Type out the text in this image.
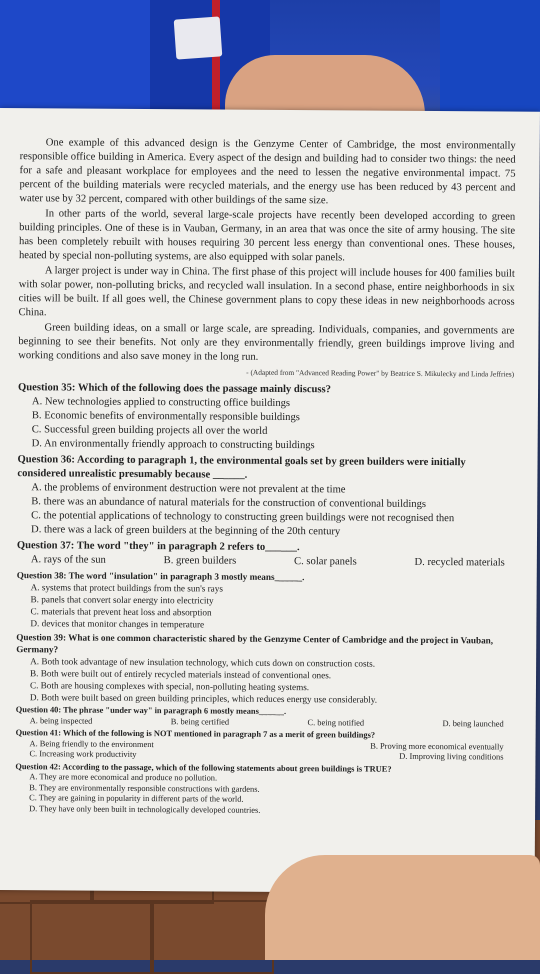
One example of this advanced design is the Genzyme Center of Cambridge, the most environmentally responsible office building in America. Every aspect of the design and building had to consider two things: the need for a safe and pleasant workplace for employees and the need to lessen the negative environmental impact. 75 percent of the building materials were recycled materials, and the energy use has been reduced by 43 percent and water use by 32 percent, compared with other buildings of the same size.

In other parts of the world, several large-scale projects have recently been developed according to green building principles. One of these is in Vauban, Germany, in an area that was once the site of army housing. The site has been completely rebuilt with houses requiring 30 percent less energy than conventional ones. These houses, heated by special non-polluting systems, are also equipped with solar panels.

A larger project is under way in China. The first phase of this project will include houses for 400 families built with solar power, non-polluting bricks, and recycled wall insulation. In a second phase, entire neighborhoods in six cities will be built. If all goes well, the Chinese government plans to copy these ideas in new neighborhoods across China.

Green building ideas, on a small or large scale, are spreading. Individuals, companies, and governments are beginning to see their benefits. Not only are they environmentally friendly, green buildings improve living and working conditions and also save money in the long run.

- (Adapted from "Advanced Reading Power" by Beatrice S. Mikulecky and Linda Jeffries)
Question 35: Which of the following does the passage mainly discuss?
A. New technologies applied to constructing office buildings
B. Economic benefits of environmentally responsible buildings
C. Successful green building projects all over the world
D. An environmentally friendly approach to constructing buildings
Question 36: According to paragraph 1, the environmental goals set by green builders were initially considered unrealistic presumably because ______.
A. the problems of environment destruction were not prevalent at the time
B. there was an abundance of natural materials for the construction of conventional buildings
C. the potential applications of technology to constructing green buildings were not recognised then
D. there was a lack of green builders at the beginning of the 20th century
Question 37: The word "they" in paragraph 2 refers to______.
A. rays of the sun	B. green builders	C. solar panels	D. recycled materials
Question 38: The word "insulation" in paragraph 3 mostly means______.
A. systems that protect buildings from the sun's rays
B. panels that convert solar energy into electricity
C. materials that prevent heat loss and absorption
D. devices that monitor changes in temperature
Question 39: What is one common characteristic shared by the Genzyme Center of Cambridge and the project in Vauban, Germany?
A. Both took advantage of new insulation technology, which cuts down on construction costs.
B. Both were built out of entirely recycled materials instead of conventional ones.
C. Both are housing complexes with special, non-polluting heating systems.
D. Both were built based on green building principles, which reduces energy use considerably.
Question 40: The phrase "under way" in paragraph 6 mostly means______.
A. being inspected	B. being certified	C. being notified	D. being launched
Question 41: Which of the following is NOT mentioned in paragraph 7 as a merit of green buildings?
A. Being friendly to the environment	B. Proving more economical eventually
C. Increasing work productivity	D. Improving living conditions
Question 42: According to the passage, which of the following statements about green buildings is TRUE?
A. They are more economical and produce no pollution.
B. They are environmentally responsible constructions with gardens.
C. They are gaining in popularity in different parts of the world.
D. They have only been built in technologically developed countries.
